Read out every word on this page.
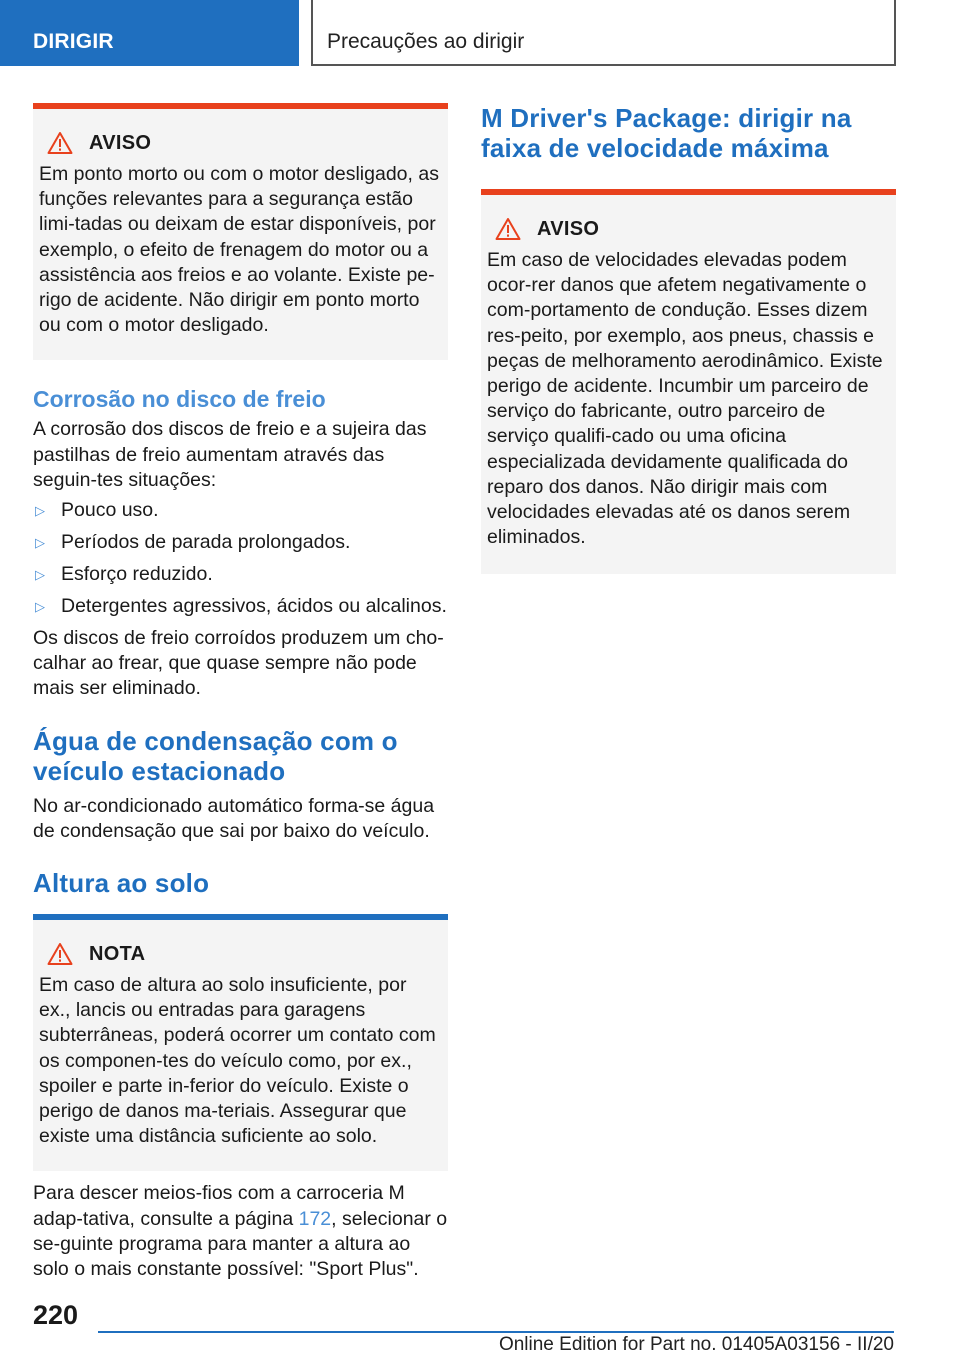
DIRIGIR	Precauções ao dirigir
AVISO

Em ponto morto ou com o motor desligado, as funções relevantes para a segurança estão limi-tadas ou deixam de estar disponíveis, por exemplo, o efeito de frenagem do motor ou a assistência aos freios e ao volante. Existe pe-rigo de acidente. Não dirigir em ponto morto ou com o motor desligado.

Corrosão no disco de freio

A corrosão dos discos de freio e a sujeira das pastilhas de freio aumentam através das seguin-tes situações:

▷ Pouco uso.
▷ Períodos de parada prolongados.
▷ Esforço reduzido.
▷ Detergentes agressivos, ácidos ou alcalinos.

Os discos de freio corroídos produzem um cho-calhar ao frear, que quase sempre não pode mais ser eliminado.

Água de condensação com o veículo estacionado

No ar-condicionado automático forma-se água de condensação que sai por baixo do veículo.

Altura ao solo
NOTA

Em caso de altura ao solo insuficiente, por ex., lancis ou entradas para garagens subterrâneas, poderá ocorrer um contato com os componen-tes do veículo como, por ex., spoiler e parte in-ferior do veículo. Existe o perigo de danos ma-teriais. Assegurar que existe uma distância suficiente ao solo.

Para descer meios-fios com a carroceria M adap-tativa, consulte a página 172, selecionar o se-guinte programa para manter a altura ao solo o mais constante possível: "Sport Plus".

M Driver's Package: dirigir na faixa de velocidade máxima
AVISO

Em caso de velocidades elevadas podem ocor-rer danos que afetem negativamente o com-portamento de condução. Esses dizem res-peito, por exemplo, aos pneus, chassis e peças de melhoramento aerodinâmico. Existe perigo de acidente. Incumbir um parceiro de serviço do fabricante, outro parceiro de serviço qualifi-cado ou uma oficina especializada devidamente qualificada do reparo dos danos. Não dirigir mais com velocidades elevadas até os danos serem eliminados.

220
Online Edition for Part no. 01405A03156 - II/20
